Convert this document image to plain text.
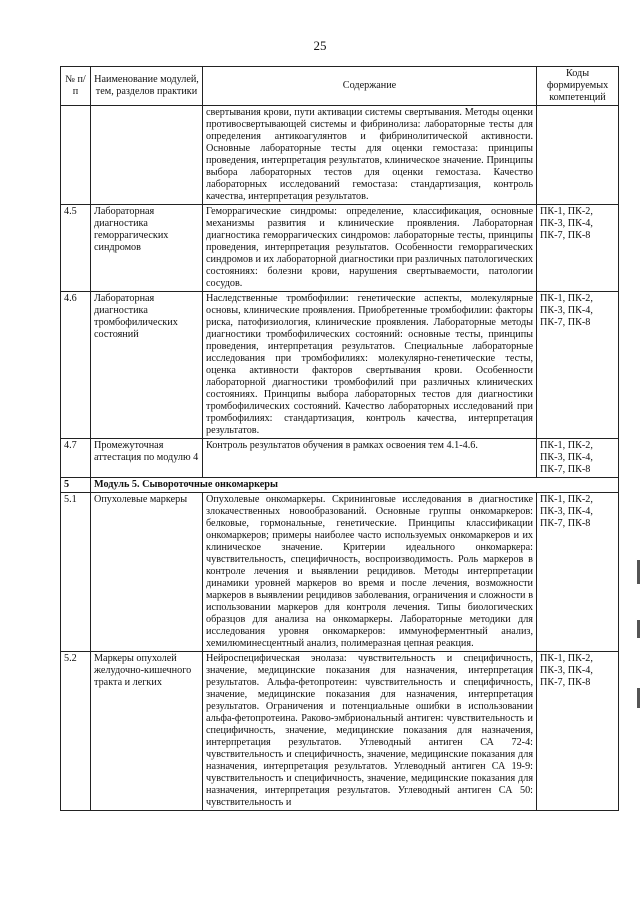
25
№ п/п	Наименование модулей, тем, разделов практики	Содержание	Коды формируемых компетенций
		свертывания крови, пути активации системы свертывания. Методы оценки противосвертывающей системы и фибринолиза: лабораторные тесты для определения антикоагулянтов и фибринолитической активности. Основные лабораторные тесты для оценки гемостаза: принципы проведения, интерпретация результатов, клиническое значение. Принципы выбора лабораторных тестов для оценки гемостаза. Качество лабораторных исследований гемостаза: стандартизация, контроль качества, интерпретация результатов.	
4.5	Лабораторная диагностика геморрагических синдромов	Геморрагические синдромы: определение, классификация, основные механизмы развития и клинические проявления. Лабораторная диагностика геморрагических синдромов: лабораторные тесты, принципы проведения, интерпретация результатов. Особенности геморрагических синдромов и их лабораторной диагностики при различных патологических состояниях: болезни крови, нарушения свертываемости, патологии сосудов.	ПК-1, ПК-2, ПК-3, ПК-4, ПК-7, ПК-8
4.6	Лабораторная диагностика тромбофилических состояний	Наследственные тромбофилии: генетические аспекты, молекулярные основы, клинические проявления. Приобретенные тромбофилии: факторы риска, патофизиология, клинические проявления. Лабораторные методы диагностики тромбофилических состояний: основные тесты, принципы проведения, интерпретация результатов. Специальные лабораторные исследования при тромбофилиях: молекулярно-генетические тесты, оценка активности факторов свертывания крови. Особенности лабораторной диагностики тромбофилий при различных клинических состояниях. Принципы выбора лабораторных тестов для диагностики тромбофилических состояний. Качество лабораторных исследований при тромбофилиях: стандартизация, контроль качества, интерпретация результатов.	ПК-1, ПК-2, ПК-3, ПК-4, ПК-7, ПК-8
4.7	Промежуточная аттестация по модулю 4	Контроль результатов обучения в рамках освоения тем 4.1-4.6.	ПК-1, ПК-2, ПК-3, ПК-4, ПК-7, ПК-8
5	Модуль 5. Сывороточные онкомаркеры		
5.1	Опухолевые маркеры	Опухолевые онкомаркеры. Скрининговые исследования в диагностике злокачественных новообразований. Основные группы онкомаркеров: белковые, гормональные, генетические. Принципы классификации онкомаркеров; примеры наиболее часто используемых онкомаркеров и их клиническое значение. Критерии идеального онкомаркера: чувствительность, специфичность, воспроизводимость. Роль маркеров в контроле лечения и выявлении рецидивов. Методы интерпретации динамики уровней маркеров во время и после лечения, возможности маркеров в выявлении рецидивов заболевания, ограничения и сложности в использовании маркеров для контроля лечения. Типы биологических образцов для анализа на онкомаркеры. Лабораторные методики для исследования уровня онкомаркеров: иммуноферментный анализ, хемилюминесцентный анализ, полимеразная цепная реакция.	ПК-1, ПК-2, ПК-3, ПК-4, ПК-7, ПК-8
5.2	Маркеры опухолей желудочно-кишечного тракта и легких	Нейроспецифическая энолаза: чувствительность и специфичность, значение, медицинские показания для назначения, интерпретация результатов. Альфа-фетопротеин: чувствительность и специфичность, значение, медицинские показания для назначения, интерпретация результатов. Ограничения и потенциальные ошибки в использовании альфа-фетопротеина. Раково-эмбриональный антиген: чувствительность и специфичность, значение, медицинские показания для назначения, интерпретация результатов. Углеводный антиген СА 72-4: чувствительность и специфичность, значение, медицинские показания для назначения, интерпретация результатов. Углеводный антиген СА 19-9: чувствительность и специфичность, значение, медицинские показания для назначения, интерпретация результатов. Углеводный антиген СА 50: чувствительность и	ПК-1, ПК-2, ПК-3, ПК-4, ПК-7, ПК-8
